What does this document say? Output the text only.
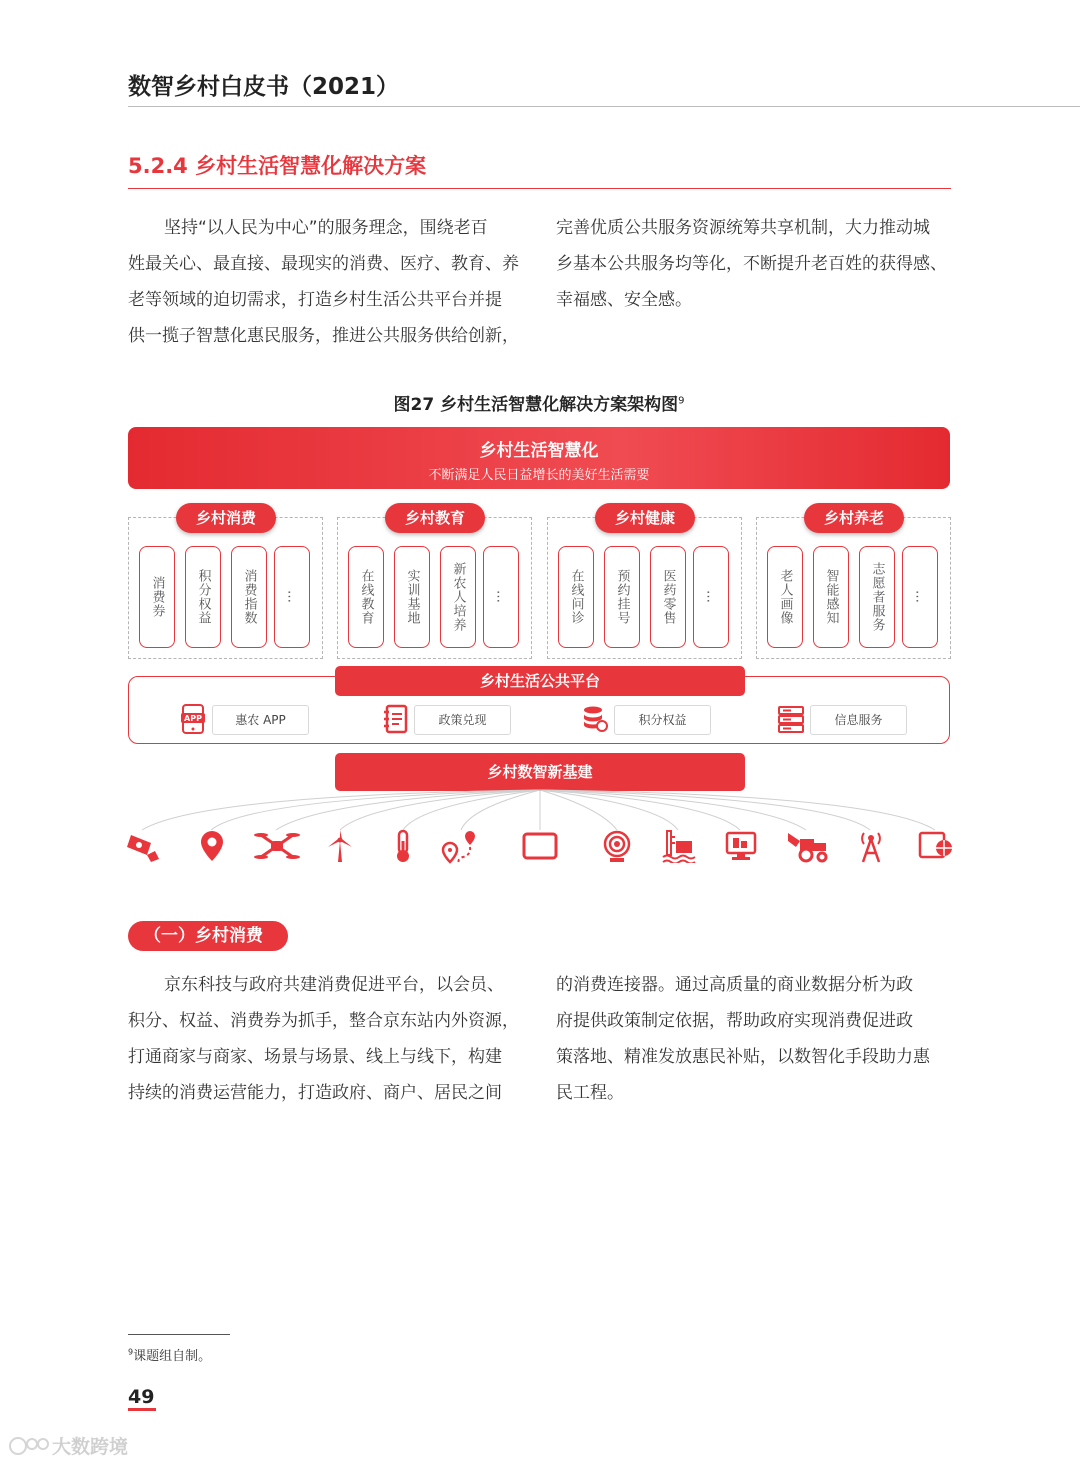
数智乡村白皮书（2021）
5.2.4 乡村生活智慧化解决方案
坚持“以人民为中心”的服务理念，围绕老百
姓最关心、最直接、最现实的消费、医疗、教育、养
老等领域的迫切需求，打造乡村生活公共平台并提
供一揽子智慧化惠民服务，推进公共服务供给创新，
完善优质公共服务资源统筹共享机制，大力推动城
乡基本公共服务均等化，不断提升老百姓的获得感、
幸福感、安全感。
图27 乡村生活智慧化解决方案架构图$^9$
乡村生活智慧化
不断满足人民日益增长的美好生活需要
乡村消费
消费券 积分权益 消费指数 …
乡村教育
在线教育 实训基地 新农人培养 …
乡村健康
在线问诊 预约挂号 医药零售 …
乡村养老
老人画像 智能感知 志愿者服务 …
乡村生活公共平台
APP	惠农 APP	政策兑现	积分权益	信息服务
乡村数智新基建
（一）乡村消费
京东科技与政府共建消费促进平台，以会员、
积分、权益、消费券为抓手，整合京东站内外资源，
打通商家与商家、场景与场景、线上与线下，构建
持续的消费运营能力，打造政府、商户、居民之间
的消费连接器。通过高质量的商业数据分析为政
府提供政策制定依据，帮助政府实现消费促进政
策落地、精准发放惠民补贴，以数智化手段助力惠
民工程。
$^9$课题组自制。
49
大数跨境
